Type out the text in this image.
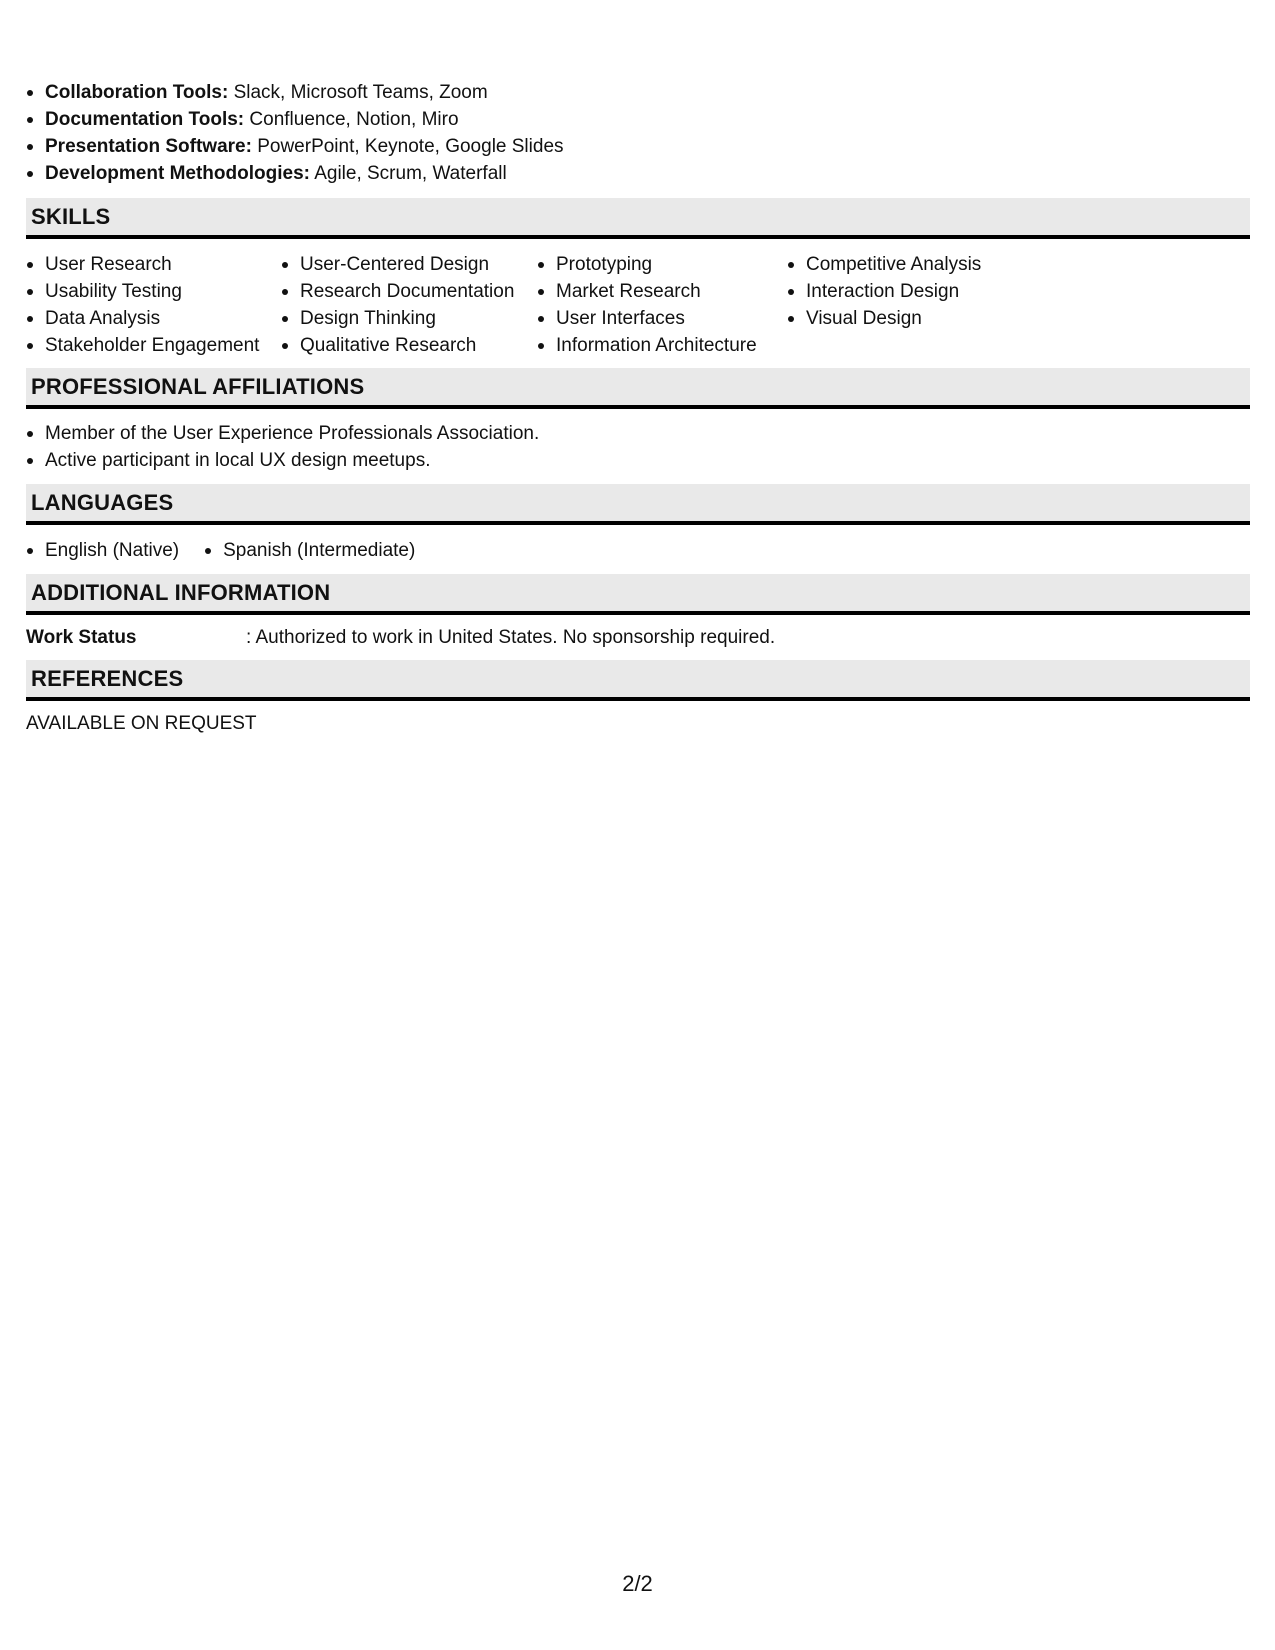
Collaboration Tools: Slack, Microsoft Teams, Zoom
Documentation Tools: Confluence, Notion, Miro
Presentation Software: PowerPoint, Keynote, Google Slides
Development Methodologies: Agile, Scrum, Waterfall
SKILLS
User Research
Usability Testing
Data Analysis
Stakeholder Engagement
User-Centered Design
Research Documentation
Design Thinking
Qualitative Research
Prototyping
Market Research
User Interfaces
Information Architecture
Competitive Analysis
Interaction Design
Visual Design
PROFESSIONAL AFFILIATIONS
Member of the User Experience Professionals Association.
Active participant in local UX design meetups.
LANGUAGES
English (Native)	Spanish (Intermediate)
ADDITIONAL INFORMATION
Work Status	: Authorized to work in United States. No sponsorship required.
REFERENCES
AVAILABLE ON REQUEST
2/2
